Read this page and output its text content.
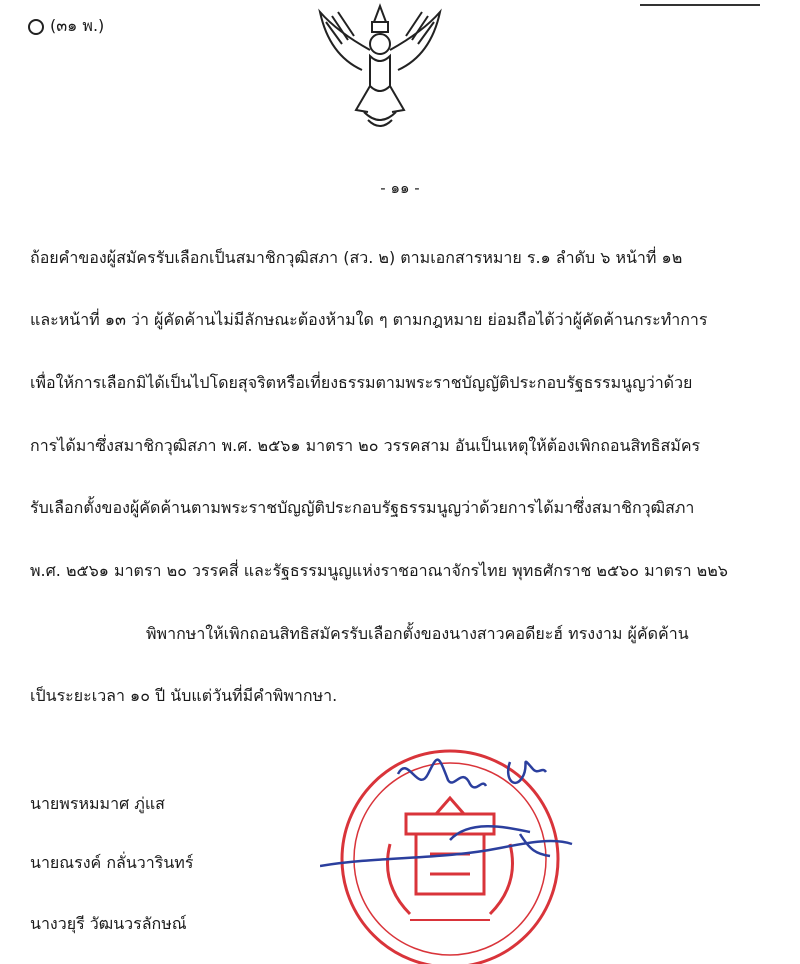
(๓๑ พ.)
- ๑๑ -
ถ้อยคำของผู้สมัครรับเลือกเป็นสมาชิกวุฒิสภา (สว. ๒) ตามเอกสารหมาย ร.๑ ลำดับ ๖ หน้าที่ ๑๒
และหน้าที่ ๑๓ ว่า ผู้คัดค้านไม่มีลักษณะต้องห้ามใด ๆ ตามกฎหมาย ย่อมถือได้ว่าผู้คัดค้านกระทำการ
เพื่อให้การเลือกมิได้เป็นไปโดยสุจริตหรือเที่ยงธรรมตามพระราชบัญญัติประกอบรัฐธรรมนูญว่าด้วย
การได้มาซึ่งสมาชิกวุฒิสภา พ.ศ. ๒๕๖๑ มาตรา ๒๐ วรรคสาม อันเป็นเหตุให้ต้องเพิกถอนสิทธิสมัคร
รับเลือกตั้งของผู้คัดค้านตามพระราชบัญญัติประกอบรัฐธรรมนูญว่าด้วยการได้มาซึ่งสมาชิกวุฒิสภา
พ.ศ. ๒๕๖๑ มาตรา ๒๐ วรรคสี่ และรัฐธรรมนูญแห่งราชอาณาจักรไทย พุทธศักราช ๒๕๖๐ มาตรา ๒๒๖
พิพากษาให้เพิกถอนสิทธิสมัครรับเลือกตั้งของนางสาวคอดียะฮ์ ทรงงาม ผู้คัดค้าน
เป็นระยะเวลา ๑๐ ปี นับแต่วันที่มีคำพิพากษา.
นายพรหมมาศ ภู่แส
นายณรงค์ กลั่นวารินทร์
นางวยุรี วัฒนวรลักษณ์
